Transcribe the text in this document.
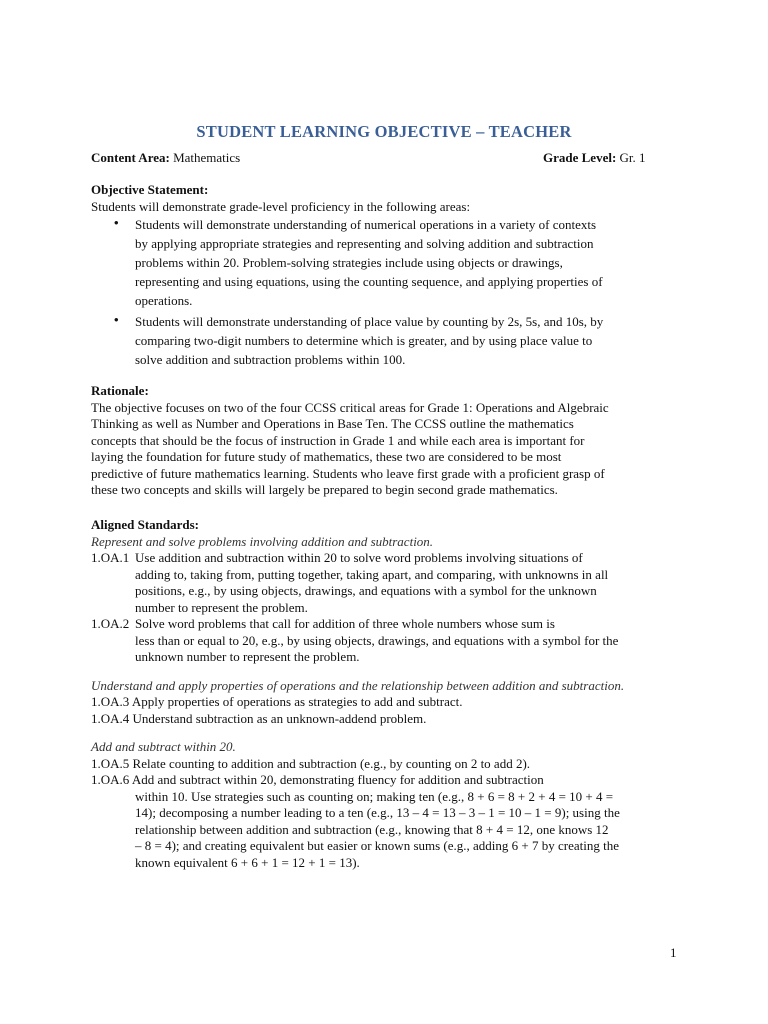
STUDENT LEARNING OBJECTIVE – TEACHER
Content Area: Mathematics	Grade Level: Gr. 1
Objective Statement:
Students will demonstrate grade-level proficiency in the following areas:
• Students will demonstrate understanding of numerical operations in a variety of contexts
by applying appropriate strategies and representing and solving addition and subtraction
problems within 20. Problem-solving strategies include using objects or drawings,
representing and using equations, using the counting sequence, and applying properties of
operations.
• Students will demonstrate understanding of place value by counting by 2s, 5s, and 10s, by
comparing two-digit numbers to determine which is greater, and by using place value to
solve addition and subtraction problems within 100.
Rationale:
The objective focuses on two of the four CCSS critical areas for Grade 1: Operations and Algebraic
Thinking as well as Number and Operations in Base Ten. The CCSS outline the mathematics
concepts that should be the focus of instruction in Grade 1 and while each area is important for
laying the foundation for future study of mathematics, these two are considered to be most
predictive of future mathematics learning. Students who leave first grade with a proficient grasp of
these two concepts and skills will largely be prepared to begin second grade mathematics.
Aligned Standards:
Represent and solve problems involving addition and subtraction.
1.OA.1 Use addition and subtraction within 20 to solve word problems involving situations of
adding to, taking from, putting together, taking apart, and comparing, with unknowns in all
positions, e.g., by using objects, drawings, and equations with a symbol for the unknown
number to represent the problem.
1.OA.2 Solve word problems that call for addition of three whole numbers whose sum is
less than or equal to 20, e.g., by using objects, drawings, and equations with a symbol for the
unknown number to represent the problem.
Understand and apply properties of operations and the relationship between addition and subtraction.
1.OA.3 Apply properties of operations as strategies to add and subtract.
1.OA.4 Understand subtraction as an unknown-addend problem.
Add and subtract within 20.
1.OA.5 Relate counting to addition and subtraction (e.g., by counting on 2 to add 2).
1.OA.6 Add and subtract within 20, demonstrating fluency for addition and subtraction
within 10. Use strategies such as counting on; making ten (e.g., 8 + 6 = 8 + 2 + 4 = 10 + 4 =
14); decomposing a number leading to a ten (e.g., 13 – 4 = 13 – 3 – 1 = 10 – 1 = 9); using the
relationship between addition and subtraction (e.g., knowing that 8 + 4 = 12, one knows 12
– 8 = 4); and creating equivalent but easier or known sums (e.g., adding 6 + 7 by creating the
known equivalent 6 + 6 + 1 = 12 + 1 = 13).
1
